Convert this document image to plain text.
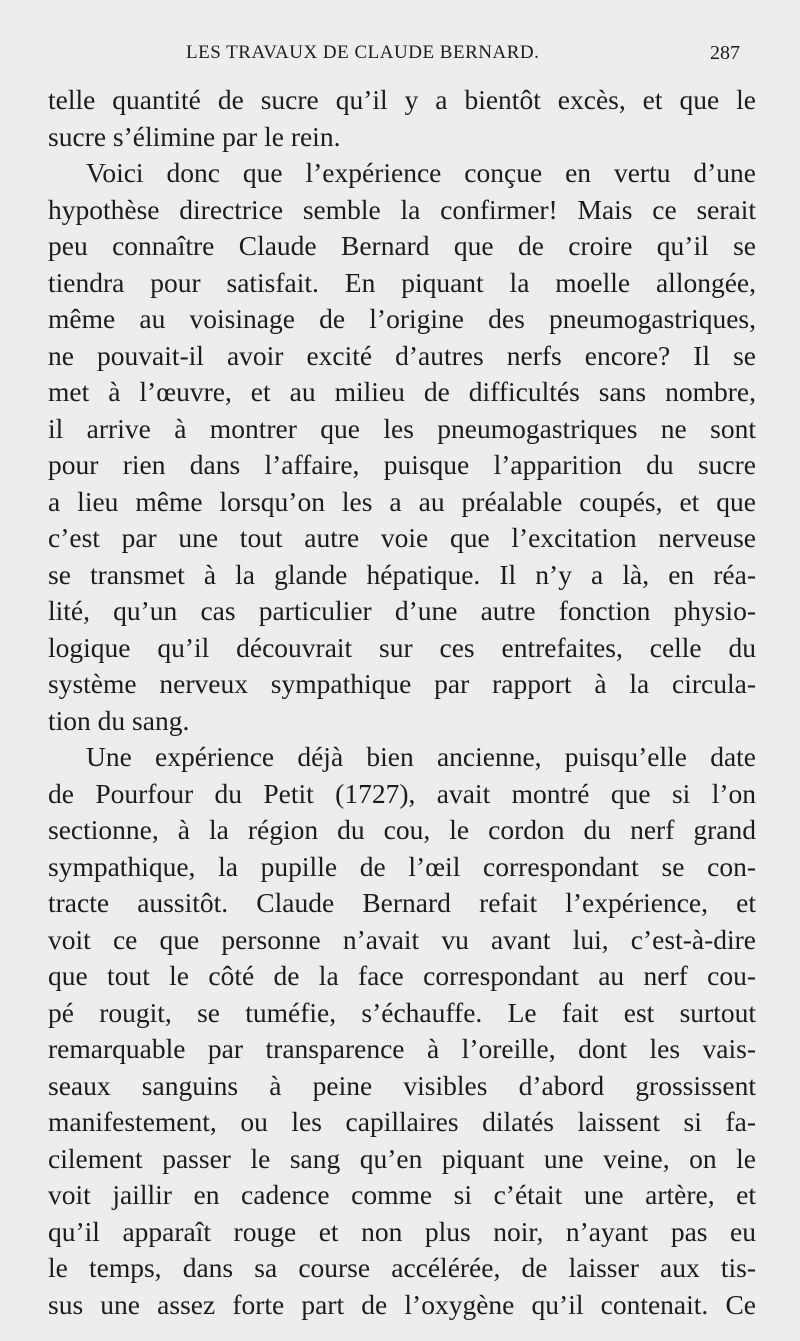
LES TRAVAUX DE CLAUDE BERNARD.	287
telle quantité de sucre qu’il y a bientôt excès, et que le
sucre s’élimine par le rein.
Voici donc que l’expérience conçue en vertu d’une
hypothèse directrice semble la confirmer! Mais ce serait
peu connaître Claude Bernard que de croire qu’il se
tiendra pour satisfait. En piquant la moelle allongée,
même au voisinage de l’origine des pneumogastriques,
ne pouvait-il avoir excité d’autres nerfs encore? Il se
met à l’œuvre, et au milieu de difficultés sans nombre,
il arrive à montrer que les pneumogastriques ne sont
pour rien dans l’affaire, puisque l’apparition du sucre
a lieu même lorsqu’on les a au préalable coupés, et que
c’est par une tout autre voie que l’excitation nerveuse
se transmet à la glande hépatique. Il n’y a là, en réa-
lité, qu’un cas particulier d’une autre fonction physio-
logique qu’il découvrait sur ces entrefaites, celle du
système nerveux sympathique par rapport à la circula-
tion du sang.
Une expérience déjà bien ancienne, puisqu’elle date
de Pourfour du Petit (1727), avait montré que si l’on
sectionne, à la région du cou, le cordon du nerf grand
sympathique, la pupille de l’œil correspondant se con-
tracte aussitôt. Claude Bernard refait l’expérience, et
voit ce que personne n’avait vu avant lui, c’est-à-dire
que tout le côté de la face correspondant au nerf cou-
pé rougit, se tuméfie, s’échauffe. Le fait est surtout
remarquable par transparence à l’oreille, dont les vais-
seaux sanguins à peine visibles d’abord grossissent
manifestement, ou les capillaires dilatés laissent si fa-
cilement passer le sang qu’en piquant une veine, on le
voit jaillir en cadence comme si c’était une artère, et
qu’il apparaît rouge et non plus noir, n’ayant pas eu
le temps, dans sa course accélérée, de laisser aux tis-
sus une assez forte part de l’oxygène qu’il contenait. Ce
